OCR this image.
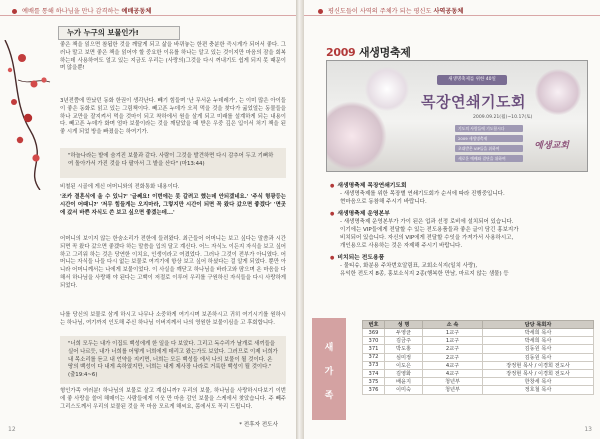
예배를 통해 하나님을 만나 감격하는 예배공동체
누가 누구의 보물인가!
좋은 책을 읽으면 참됩한 것을 깨달게 되고 삶을 바뀌놓는 한편 충분한 즉시게가 되어서 좋다. 그러나 말고 보면 좋은 책을 읽어야 할 중요한 이유를 하나는 알고 있는 것이지만 마음의 잠을 회복하는데 사용하여도 얼고 있는 지금도 우리는 (사랑의)그것을 다시 꺼내기도 쉽게 되지 못 때문이며 않을뿐!
3년전쯤에 만났던 동화 한권이 생각난다. 빼기 힘들며 '난 무서운 누데레가', 는 이미 많은 아이들이 좋은 동화로 읽고 있는 그림책이다. 빼고픈 누데가 오직 먹을 것을 찾다가 굶었얼는 동물들을 하나 교만을 잘지켜서 먹을 것마이 되고 착하에서 원을 살게 되고 미래를 설계하게 되는 내용이다. 빼고픈 누데가 화며 엄마 보물이라는 것을 깨달았을 때 받은 우중 깊은 입이서 처기 책을 된 좋 시게 되었 방을 빠졌을는 하여기가.
"하늘나라는 밭에 숨겨진 보물과 같다. 사람이 그것을 발견하면 다시 감추어 두고 기뻐하여 돌아가서 가진 것을 다 팔아서 그 밭을 산다" (마13:44)
비철된 시골에 게신 어머니와의 전화통화 내용이다.
'조카 결혼식에 올 수 있니?' '글쎄요! 이번에는 못 갈려고 했는데 안되겠네요.' '주식 형광등는 시간이 어때니?' '저무 힘들게는 오지마라, 그렇지만 시간이 되면 꼭 왔다 갔으면 좋겠다' '면곳에 갔서 바쁜 자식도 쓴 보고 싶으면 좋겠는데...'
어머니의 보이지 않는 한숨소리가 전한에 들려왔다. 최근들어 어머니는 보고 싶다는 말씀과 시간되면 꼭 왔다 갔으면 좋겠다 하는 말씀을 입의 달고 계신다. 어느 자식노 이든지 자식을 보고 싶어 하고 그리워 하는 것은 당연한 이치요, 인생이라고 여겼었다. 그러나 그것이 전부가 아니였다. 어머니는 자식들 나들 다시 없는 보물로 여겨기에 항상 보고 싶어 하셨다는 걸 알게 되었다. 뿐만 아니라 어머니께서는 나에게 보물이었다. 이 사실을 깨닫고 하나님을 바라고와 땀으며 온 마음을 다해서 하나님을 사랑해 야 된다는 고백이 저절로 이루어 우리를 구원하신 자식들을 다시 사랑하게 되었다.
나를 당신의 보물로 삼게 하시고 나무나 소중하게 여기시며 보존하시고 귀히 여기시기를 원하시는 하나님, 여기까지 인도해 주신 하나님 이버지께서 나의 영원한 보물이심을 고 후회합니다.
"너희 모두는 내가 이집트 백성에게 한 일을 다 보았다. 그리고 독수리가 날개로 새끼들을 실어 나르듯, 내가 너희를 어떻게 너희에게 데리고 왔는가도 보았다. 그러므로 이제 너희가 내 목소리를 듣고 내 언약을 지키면, 너희는 모든 백성들 에서 나의 보물이 될 것이다. 온 땅의 백성이 다 내게 속하였지만, 너희는 내게 제사장 나라로 거룩한 백성이 될 것이다." (출19:4~6)
형인가족 여러분! 하나님의 보물로 살고 계십니까? 우리의 보물, 하나님을 사랑하시다보기 이번에 좋 사랑을 쓸어 해매이는 사람들에게 이웃 만 마음 감인 보물을 스케에서 찾았습니다. 주 빼주 그리스도께서 우리의 보물된 것을 꼭 마음 모르게 해씨요, 몸에서도 꼭리 드립니다.
* 전후자 전도사
12
평신도들이 사역의 주체가 되는 평신도 사역공동체
2009 새생명축제
새생명축제를 위한 40일
목장연쇄기도회
2009.09.21(월)~10.17(토)
기도의 사람들에 기도합시다
2009 새생명축제
초대받은 VIP들을 위하여
새로운 예배와 결단을 위하여
예생교회
● 새생명축제 목장연쇄기도회
- 새생명축제를 위한 목장별 연쇄기도회가 순서에 따라 진행중입니다.
현마음으로 동참해 주시기 바랍니다.
● 새생명축제 운영본부
- 새생명축제 운영본부가 가이 된은 업과 선정 로비에 설치되어 있습니다.
이기에는 VIP들에게 전달할 수 있는 전도용품들과 좋은 글이 담긴 홍보지가
비치되어 있습니다. 자신의 VIP에게 전달할 수잇을 가져가서 사용하시고,
개인용으로 사용하는 것은 자제해 주시기 바랍니다.
● 비치되는 전도용품
- 물티슈, 화분용 주차번호알림표, 교회소식지(일치 사랑),
유익한 전도지 8종, 홍보소식지 2종(행복한 만남, 마르지 않는 샘물) 등
새
가
족
번호	성 명	소 속	담당 목회자
369	두영균	1교구	박세희 목사
370	김금주	1교구	박세희 목사
371	박도홍	2교구	김동원 목사
372	심미정	2교구	김동원 목사
373	이도은	4교구	장정현 목사 / 이경희 전도사
374	김영화	4교구	장정현 목사 / 이경희 전도사
375	배윤지	청년부	한창세 목사
376	이미숙	청년부	정호철 목사
13
